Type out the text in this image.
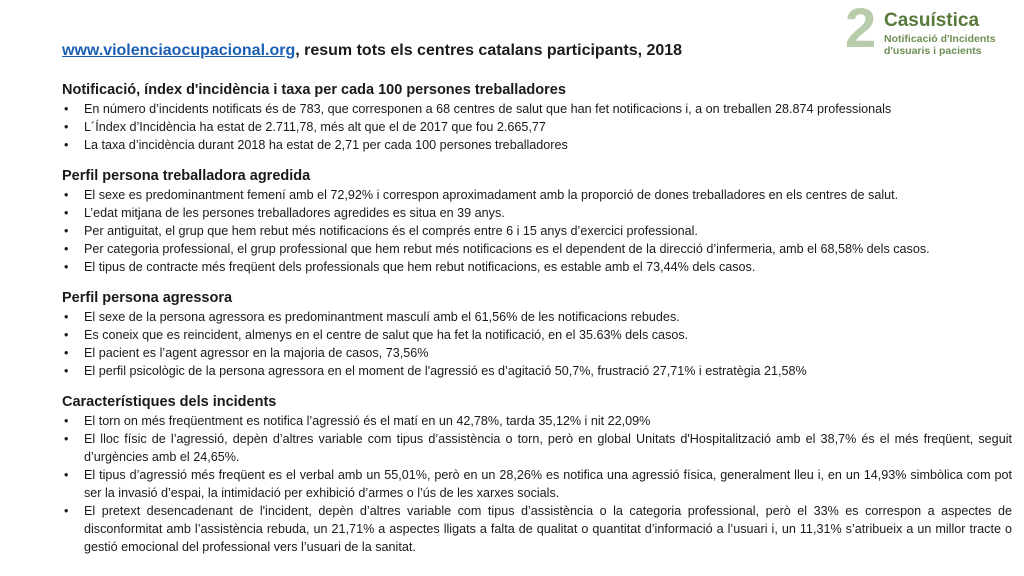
2 Casuística
Notificació d'Incidents
d'usuaris i pacients
www.violenciaocupacional.org, resum tots els centres catalans participants, 2018

Notificació, índex d'incidència i taxa per cada 100 persones treballadores

• En número d’incidents notificats és de 783, que corresponen a 68 centres de salut que han fet notificacions i, a on treballen 28.874 professionals
• L´Índex d’Incidència ha estat de 2.711,78, més alt que el de 2017 que fou 2.665,77
• La taxa d’incidència durant 2018 ha estat de 2,71 per cada 100 persones treballadores

Perfil persona treballadora agredida

• El sexe es predominantment femení amb el 72,92% i correspon aproximadament amb la proporció de dones treballadores en els centres de salut.
• L’edat mitjana de les persones treballadores agredides es situa en 39 anys.
• Per antiguitat, el grup que hem rebut més notificacions és el comprés entre 6 i 15 anys d’exercici professional.
• Per categoria professional, el grup professional que hem rebut més notificacions es el dependent de la direcció d’infermeria, amb el 68,58% dels casos.
• El tipus de contracte més freqüent dels professionals que hem rebut notificacions, es estable amb el 73,44% dels casos.

Perfil persona agressora

• El sexe de la persona agressora es predominantment masculí amb el 61,56% de les notificacions rebudes.
• Es coneix que es reincident, almenys en el centre de salut que ha fet la notificació, en el 35.63% dels casos.
• El pacient es l’agent agressor en la majoria de casos, 73,56%
• El perfil psicològic de la persona agressora en el moment de l'agressió es d’agitació 50,7%, frustració 27,71% i estratègia 21,58%

Característiques dels incidents

• El torn on més freqüentment es notifica l’agressió és el matí en un 42,78%, tarda 35,12% i nit 22,09%
• El lloc físic de l’agressió, depèn d’altres variable com tipus d’assistència o torn, però en global Unitats d'Hospitalització amb el 38,7% és el més freqüent, seguit d’urgències amb el 24,65%.
• El tipus d’agressió més freqüent es el verbal amb un 55,01%, però en un 28,26% es notifica una agressió física, generalment lleu i, en un 14,93% simbòlica com pot ser la invasió d’espai, la intimidació per exhibició d’armes o l’ús de les xarxes socials.
• El pretext desencadenant de l'incident, depèn d’altres variable com tipus d’assistència o la categoria professional, però el 33% es correspon a aspectes de disconformitat amb l’assistència rebuda, un 21,71% a aspectes lligats a falta de qualitat o quantitat d’informació a l’usuari i, un 11,31% s’atribueix a un millor tracte o gestió emocional del professional vers l’usuari de la sanitat.
